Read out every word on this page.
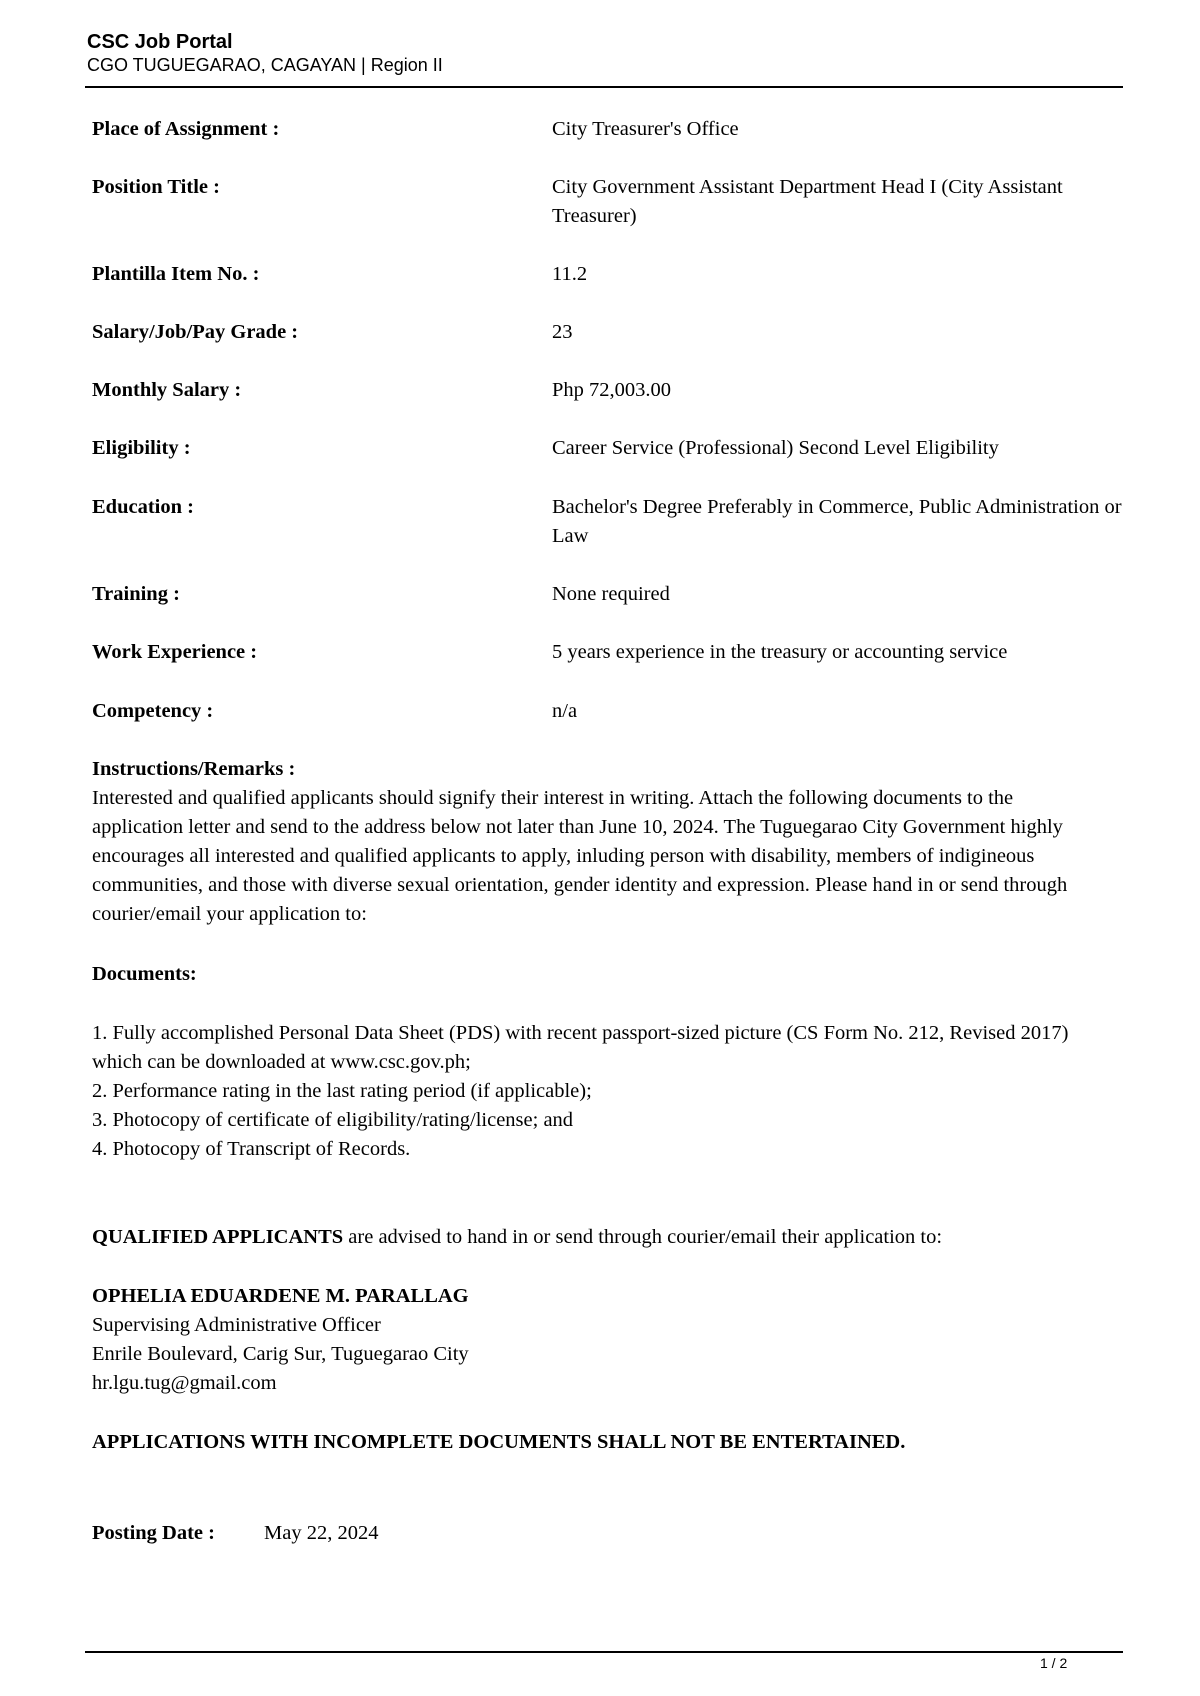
CSC Job Portal
CGO TUGUEGARAO, CAGAYAN | Region II
Place of Assignment :	City Treasurer's Office
Position Title :	City Government Assistant Department Head I (City Assistant Treasurer)
Plantilla Item No. :	11.2
Salary/Job/Pay Grade :	23
Monthly Salary :	Php 72,003.00
Eligibility :	Career Service (Professional) Second Level Eligibility
Education :	Bachelor's Degree Preferably in Commerce, Public Administration or Law
Training :	None required
Work Experience :	5 years experience in the treasury or accounting service
Competency :	n/a
Instructions/Remarks :
Interested and qualified applicants should signify their interest in writing. Attach the following documents to the application letter and send to the address below not later than June 10, 2024. The Tuguegarao City Government highly encourages all interested and qualified applicants to apply, inluding person with disability, members of indigineous communities, and those with diverse sexual orientation, gender identity and expression. Please hand in or send through courier/email your application to:
Documents:
1. Fully accomplished Personal Data Sheet (PDS) with recent passport-sized picture (CS Form No. 212, Revised 2017) which can be downloaded at www.csc.gov.ph;
2. Performance rating in the last rating period (if applicable);
3. Photocopy of certificate of eligibility/rating/license; and
4. Photocopy of Transcript of Records.
QUALIFIED APPLICANTS are advised to hand in or send through courier/email their application to:
OPHELIA EDUARDENE M. PARALLAG
Supervising Administrative Officer
Enrile Boulevard, Carig Sur, Tuguegarao City
hr.lgu.tug@gmail.com
APPLICATIONS WITH INCOMPLETE DOCUMENTS SHALL NOT BE ENTERTAINED.
Posting Date : May 22, 2024
1 / 2
